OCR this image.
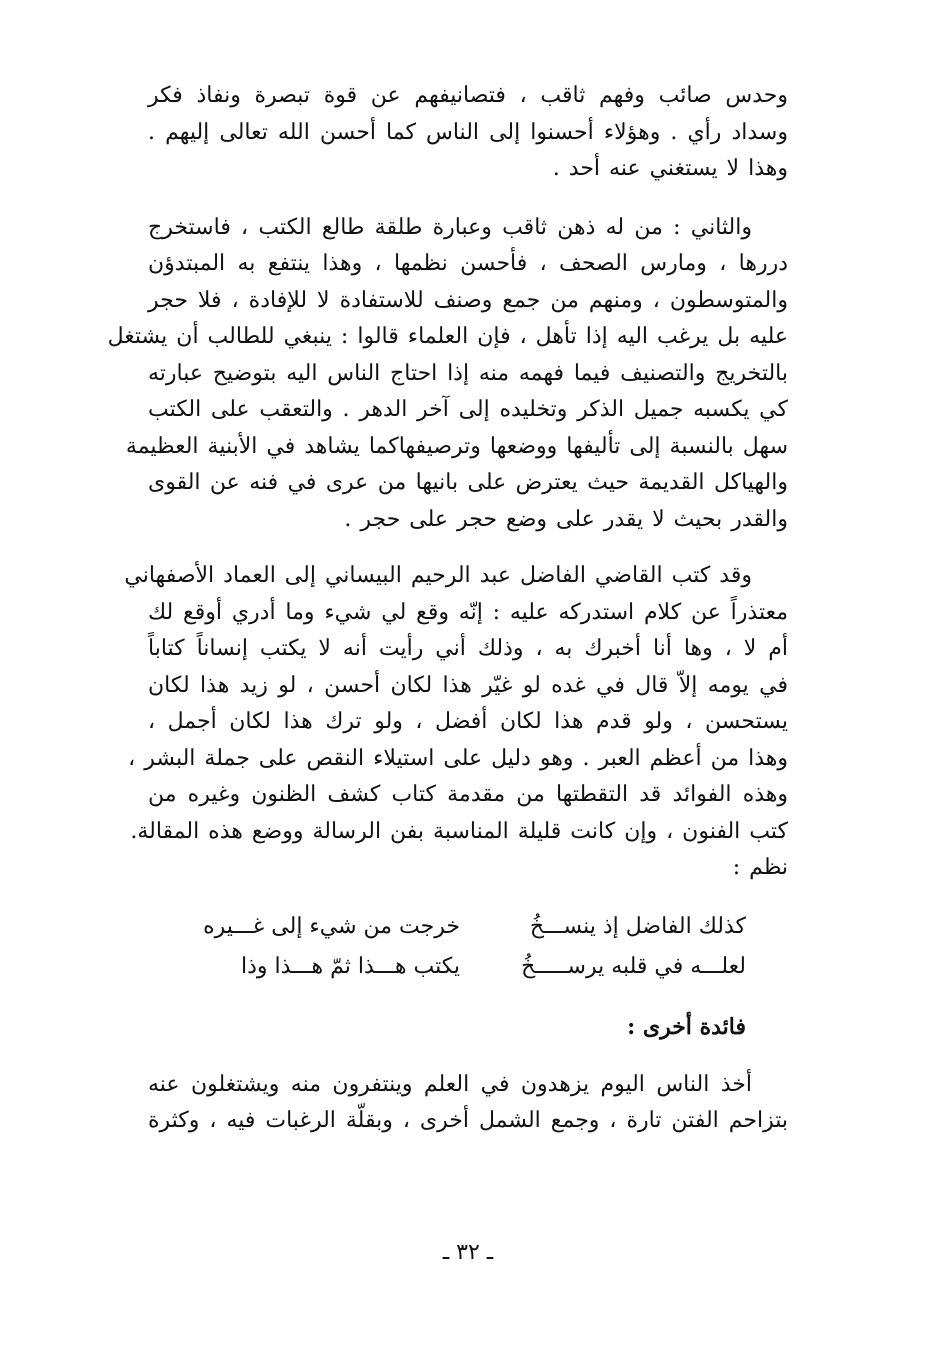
وحدس صائب وفهم ثاقب ، فتصانيفهم عن قوة تبصرة ونفاذ فكر
وسداد رأي . وهؤلاء أحسنوا إلى الناس كما أحسن الله تعالى إليهم .
وهذا لا يستغني عنه أحد .

والثاني : من له ذهن ثاقب وعبارة طلقة طالع الكتب ، فاستخرج
دررها ، ومارس الصحف ، فأحسن نظمها ، وهذا ينتفع به المبتدؤن
والمتوسطون ، ومنهم من جمع وصنف للاستفادة لا للإفادة ، فلا حجر
عليه بل يرغب اليه إذا تأهل ، فإن العلماء قالوا : ينبغي للطالب أن يشتغل
بالتخريج والتصنيف فيما فهمه منه إذا احتاج الناس اليه بتوضيح عبارته
كي يكسبه جميل الذكر وتخليده إلى آخر الدهر . والتعقب على الكتب
سهل بالنسبة إلى تأليفها ووضعها وترصيفهاكما يشاهد في الأبنية العظيمة
والهياكل القديمة حيث يعترض على بانيها من عرى في فنه عن القوى
والقدر بحيث لا يقدر على وضع حجر على حجر .

وقد كتب القاضي الفاضل عبد الرحيم البيساني إلى العماد الأصفهاني
معتذراً عن كلام استدركه عليه : إنّه وقع لي شيء وما أدري أوقع لك
أم لا ، وها أنا أخبرك به ، وذلك أني رأيت أنه لا يكتب إنساناً كتاباً
في يومه إلاّ قال في غده لو غيّر هذا لكان أحسن ، لو زيد هذا لكان
يستحسن ، ولو قدم هذا لكان أفضل ، ولو ترك هذا لكان أجمل ،
وهذا من أعظم العبر . وهو دليل على استيلاء النقص على جملة البشر ،
وهذه الفوائد قد التقطتها من مقدمة كتاب كشف الظنون وغيره من
كتب الفنون ، وإن كانت قليلة المناسبة بفن الرسالة ووضع هذه المقالة.
نظم :

كذلك الفاضل إذ ينســـخُ
خرجت من شيء إلى غـــيره
لعلـــه في قلبه يرســـــخُ
يكتب هـــذا ثمّ هـــذا وذا
فائدة أخرى :

أخذ الناس اليوم يزهدون في العلم وينتفرون منه ويشتغلون عنه
بتزاحم الفتن تارة ، وجمع الشمل أخرى ، وبقلّة الرغبات فيه ، وكثرة

ـ ٣٢ ـ
